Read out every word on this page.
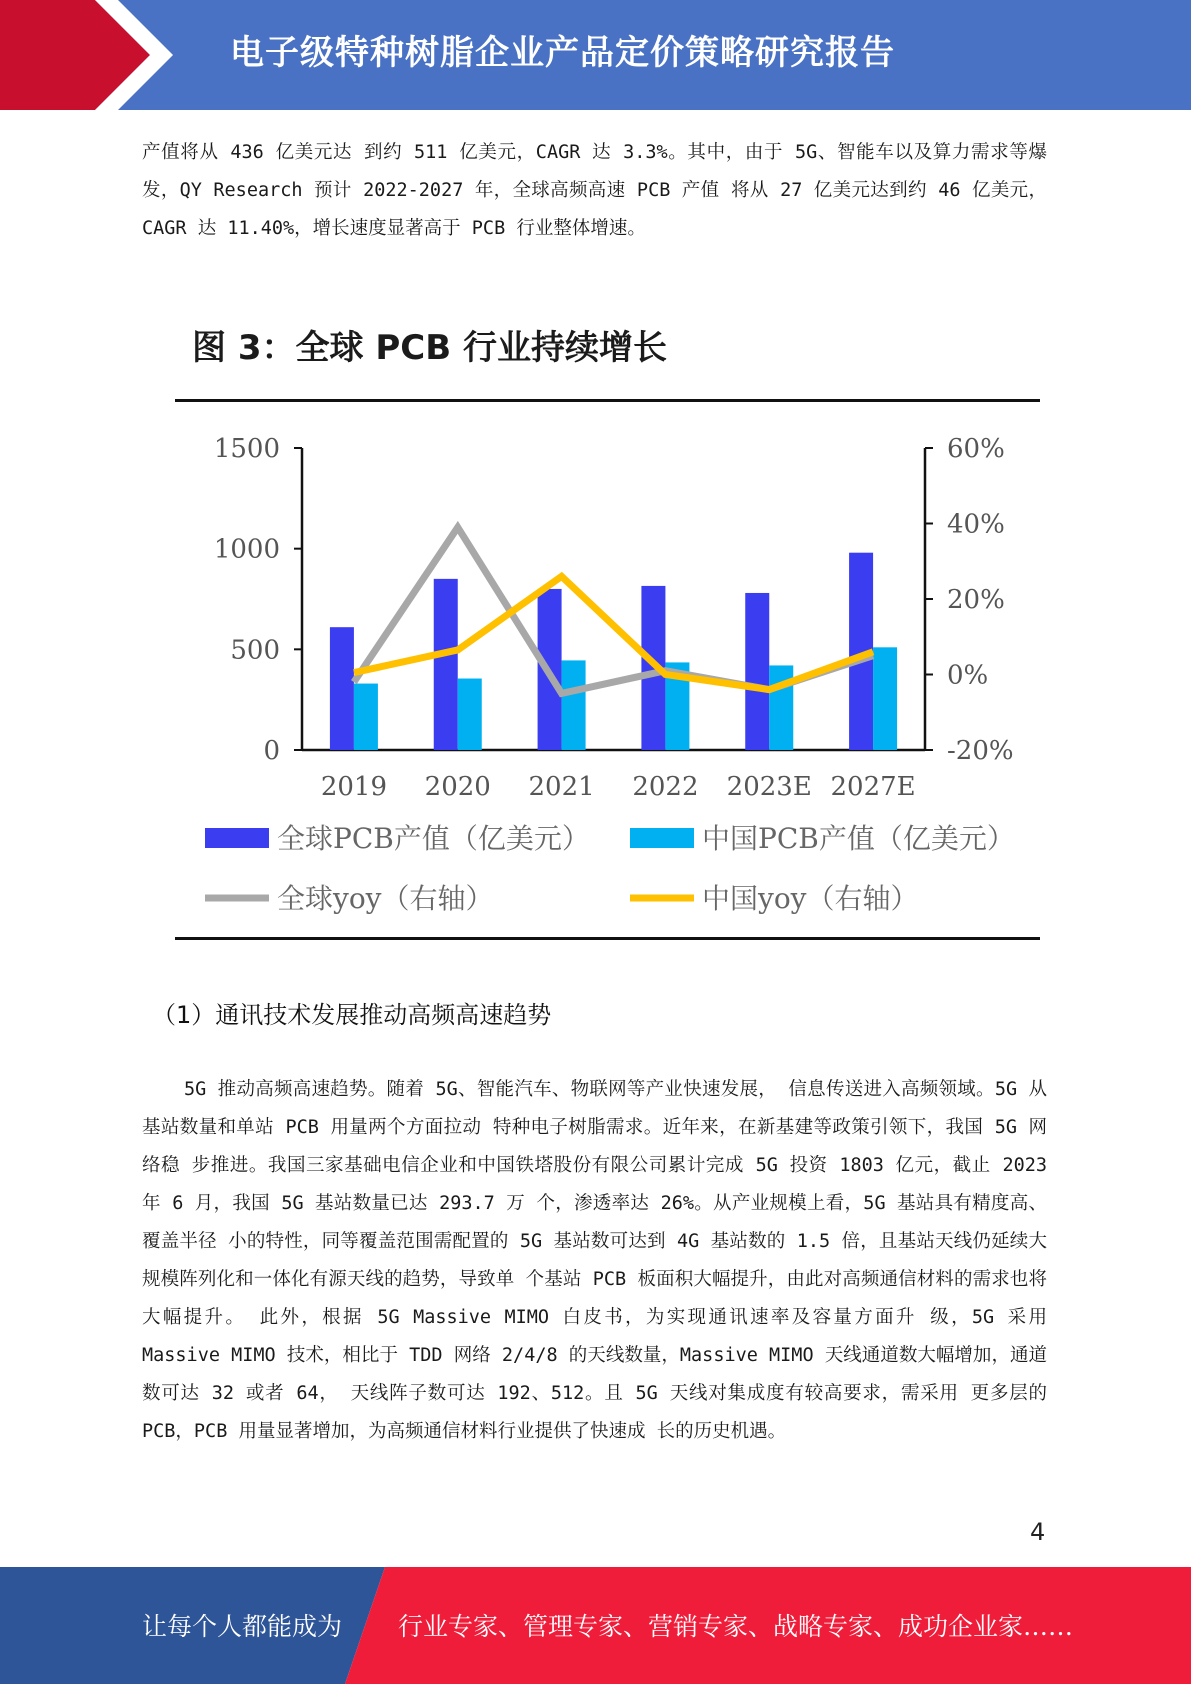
电子级特种树脂企业产品定价策略研究报告

产值将从 436 亿美元达 到约 511 亿美元，CAGR 达 3.3%。其中，由于 5G、智能车以及算力需求等爆发，QY Research 预计 2022-2027 年，全球高频高速 PCB 产值 将从 27 亿美元达到约 46 亿美元，CAGR 达 11.40%，增长速度显著高于 PCB 行业整体增速。

图 3：全球 PCB 行业持续增长
0
500
1000
1500
-20%
0%
20%
40%
60%
2019 2020 2021 2022 2023E 2027E
全球PCB产值（亿美元）	中国PCB产值（亿美元）
全球yoy（右轴）	中国yoy（右轴）
（1）通讯技术发展推动高频高速趋势

5G 推动高频高速趋势。随着 5G、智能汽车、物联网等产业快速发展， 信息传送进入高频领域。5G 从基站数量和单站 PCB 用量两个方面拉动 特种电子树脂需求。近年来，在新基建等政策引领下，我国 5G 网络稳 步推进。我国三家基础电信企业和中国铁塔股份有限公司累计完成 5G 投资 1803 亿元，截止 2023 年 6 月，我国 5G 基站数量已达 293.7 万 个，渗透率达 26%。从产业规模上看，5G 基站具有精度高、覆盖半径 小的特性，同等覆盖范围需配置的 5G 基站数可达到 4G 基站数的 1.5 倍，且基站天线仍延续大规模阵列化和一体化有源天线的趋势，导致单 个基站 PCB 板面积大幅提升，由此对高频通信材料的需求也将大幅提升。 此外，根据 5G Massive MIMO 白皮书，为实现通讯速率及容量方面升 级，5G 采用 Massive MIMO 技术，相比于 TDD 网络 2/4/8 的天线数量，Massive MIMO 天线通道数大幅增加，通道数可达 32 或者 64， 天线阵子数可达 192、512。且 5G 天线对集成度有较高要求，需采用 更多层的 PCB，PCB 用量显著增加，为高频通信材料行业提供了快速成 长的历史机遇。

4
让每个人都能成为 行业专家、管理专家、营销专家、战略专家、成功企业家……
